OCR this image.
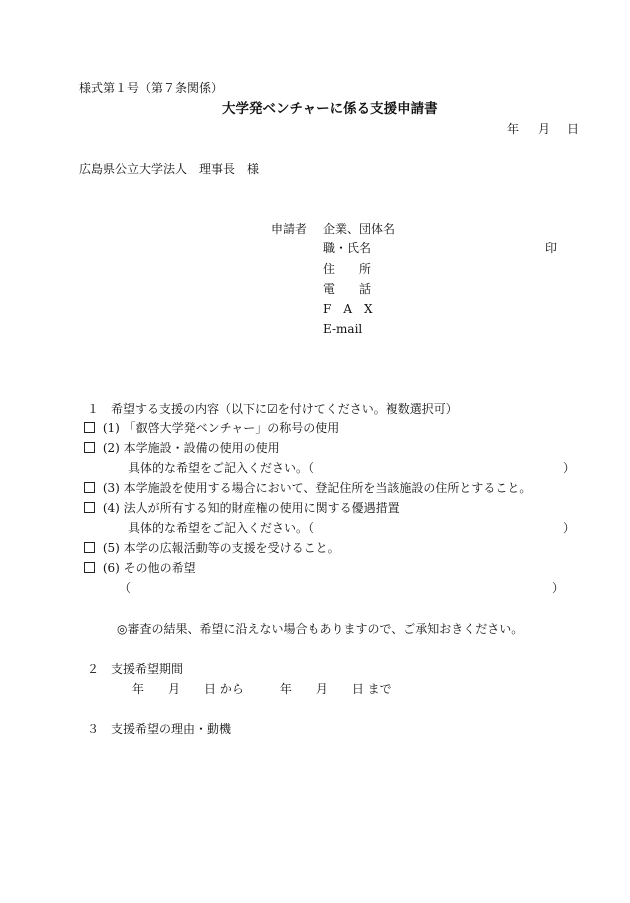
様式第１号（第７条関係）
大学発ベンチャーに係る支援申請書
年 月 日
広島県公立大学法人　理事長　様
申請者 企業、団体名
職・氏名	印
住　　所
電　　話
F　A　X
E-mail
１　希望する支援の内容（以下に☑を付けてください。複数選択可）
(1) 「叡啓大学発ベンチャー」の称号の使用
(2) 本学施設・設備の使用の使用
具体的な希望をご記入ください。（	）
(3) 本学施設を使用する場合において、登記住所を当該施設の住所とすること。
(4) 法人が所有する知的財産権の使用に関する優遇措置
具体的な希望をご記入ください。（	）
(5) 本学の広報活動等の支援を受けること。
(6) その他の希望
（	）
◎審査の結果、希望に沿えない場合もありますので、ご承知おきください。
２　支援希望期間
年　　月　　日 から　　　年　　月　　日 まで
３　支援希望の理由・動機
